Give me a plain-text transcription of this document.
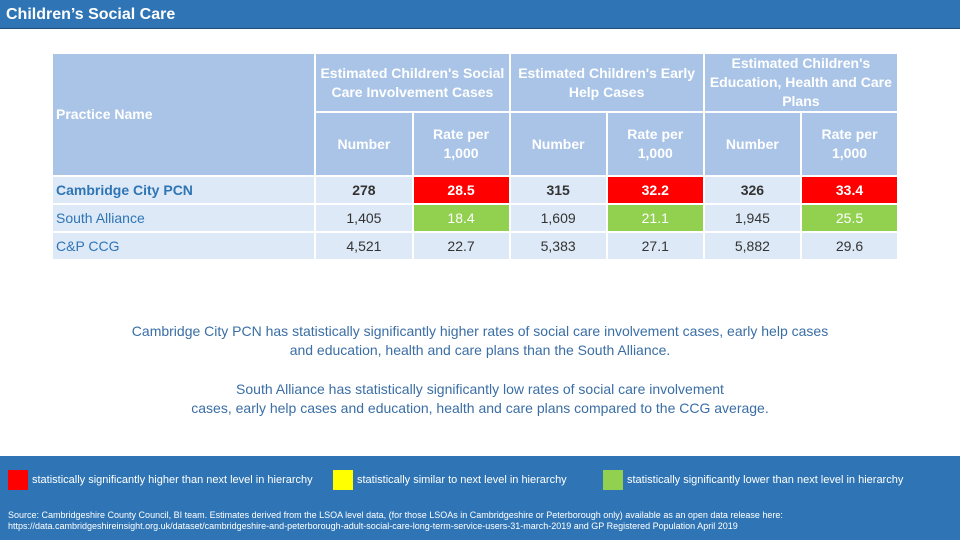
Children’s Social Care
Practice Name	Estimated Children's Social Care Involvement Cases		Estimated Children's Early Help Cases		Estimated Children's Education, Health and Care Plans	
	Number	Rate per 1,000	Number	Rate per 1,000	Number	Rate per 1,000
Cambridge City PCN	278	28.5	315	32.2	326	33.4
South Alliance	1,405	18.4	1,609	21.1	1,945	25.5
C&P CCG	4,521	22.7	5,383	27.1	5,882	29.6
Cambridge City PCN has statistically significantly higher rates of social care involvement cases, early help cases
and education, health and care plans than the South Alliance.
South Alliance has statistically significantly low rates of social care involvement
cases, early help cases and education, health and care plans compared to the CCG average.
statistically significantly higher than next level in hierarchy	statistically similar to next level in hierarchy	statistically significantly lower than next level in hierarchy
Source: Cambridgeshire County Council, BI team. Estimates derived from the LSOA level data, (for those LSOAs in Cambridgeshire or Peterborough only) available as an open data release here:
https://data.cambridgeshireinsight.org.uk/dataset/cambridgeshire-and-peterborough-adult-social-care-long-term-service-users-31-march-2019 and GP Registered Population April 2019
